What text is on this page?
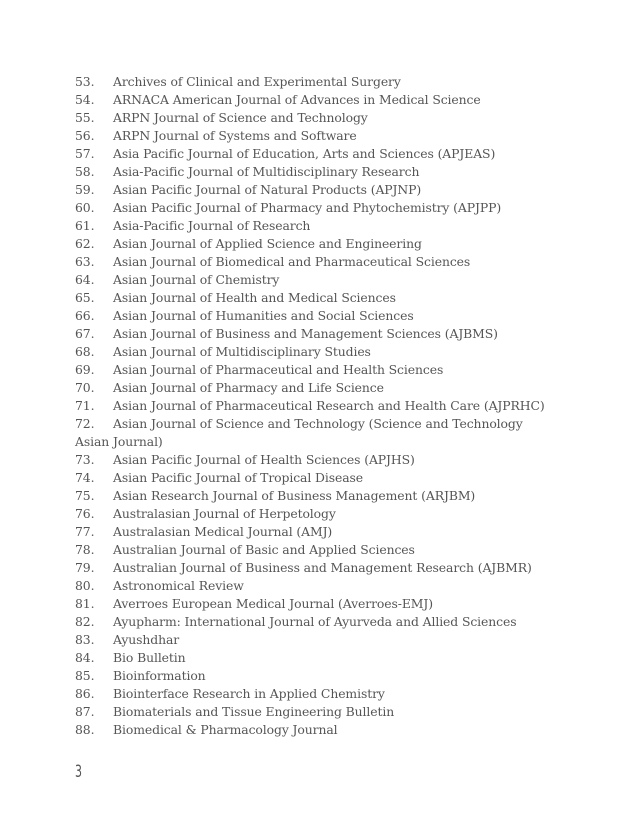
53. Archives of Clinical and Experimental Surgery
54. ARNACA American Journal of Advances in Medical Science
55. ARPN Journal of Science and Technology
56. ARPN Journal of Systems and Software
57. Asia Pacific Journal of Education, Arts and Sciences (APJEAS)
58. Asia-Pacific Journal of Multidisciplinary Research
59. Asian Pacific Journal of Natural Products (APJNP)
60. Asian Pacific Journal of Pharmacy and Phytochemistry (APJPP)
61. Asia-Pacific Journal of Research
62. Asian Journal of Applied Science and Engineering
63. Asian Journal of Biomedical and Pharmaceutical Sciences
64. Asian Journal of Chemistry
65. Asian Journal of Health and Medical Sciences
66. Asian Journal of Humanities and Social Sciences
67. Asian Journal of Business and Management Sciences (AJBMS)
68. Asian Journal of Multidisciplinary Studies
69. Asian Journal of Pharmaceutical and Health Sciences
70. Asian Journal of Pharmacy and Life Science
71. Asian Journal of Pharmaceutical Research and Health Care (AJPRHC)
72. Asian Journal of Science and Technology (Science and Technology Asian Journal)
73. Asian Pacific Journal of Health Sciences (APJHS)
74. Asian Pacific Journal of Tropical Disease
75. Asian Research Journal of Business Management (ARJBM)
76. Australasian Journal of Herpetology
77. Australasian Medical Journal (AMJ)
78. Australian Journal of Basic and Applied Sciences
79. Australian Journal of Business and Management Research (AJBMR)
80. Astronomical Review
81. Averroes European Medical Journal (Averroes-EMJ)
82. Ayupharm: International Journal of Ayurveda and Allied Sciences
83. Ayushdhar
84. Bio Bulletin
85. Bioinformation
86. Biointerface Research in Applied Chemistry
87. Biomaterials and Tissue Engineering Bulletin
88. Biomedical & Pharmacology Journal
3
